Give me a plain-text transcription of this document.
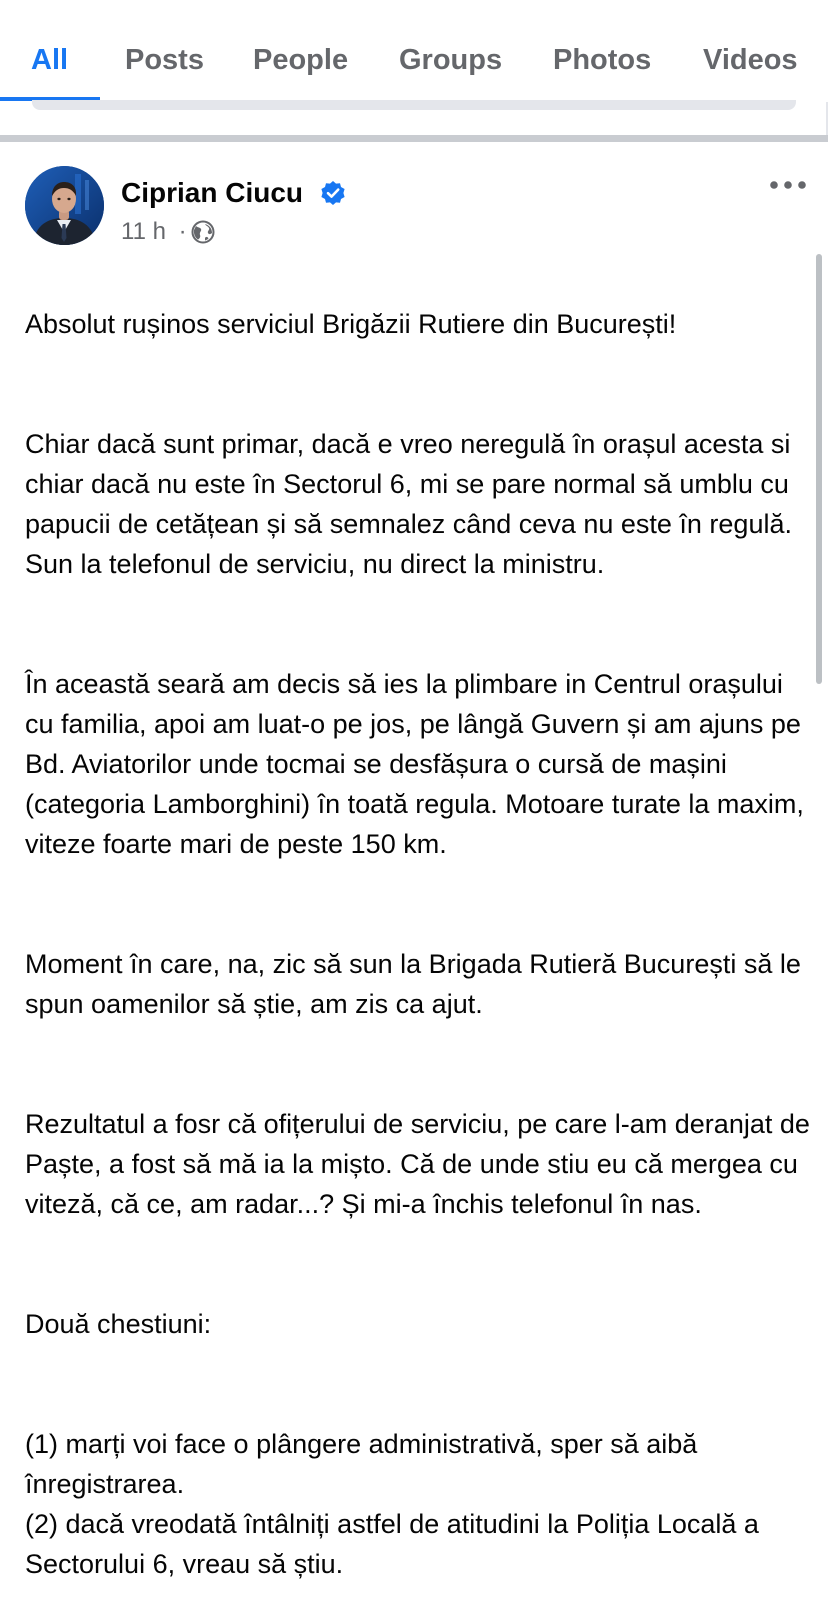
All Posts People Groups Photos Videos
Ciprian Ciucu
11 h ·

Absolut rușinos serviciul Brigăzii Rutiere din București!

Chiar dacă sunt primar, dacă e vreo neregulă în orașul acesta si chiar dacă nu este în Sectorul 6, mi se pare normal să umblu cu papucii de cetățean și să semnalez când ceva nu este în regulă. Sun la telefonul de serviciu, nu direct la ministru.

În această seară am decis să ies la plimbare in Centrul orașului cu familia, apoi am luat-o pe jos, pe lângă Guvern și am ajuns pe Bd. Aviatorilor unde tocmai se desfășura o cursă de mașini (categoria Lamborghini) în toată regula. Motoare turate la maxim, viteze foarte mari de peste 150 km.

Moment în care, na, zic să sun la Brigada Rutieră București să le spun oamenilor să știe, am zis ca ajut.

Rezultatul a fosr că ofițerului de serviciu, pe care l-am deranjat de Paște, a fost să mă ia la mișto. Că de unde stiu eu că mergea cu viteză, că ce, am radar...? Și mi-a închis telefonul în nas.

Două chestiuni:

(1) marți voi face o plângere administrativă, sper să aibă înregistrarea.
(2) dacă vreodată întâlniți astfel de atitudini la Poliția Locală a Sectorului 6, vreau să știu.
